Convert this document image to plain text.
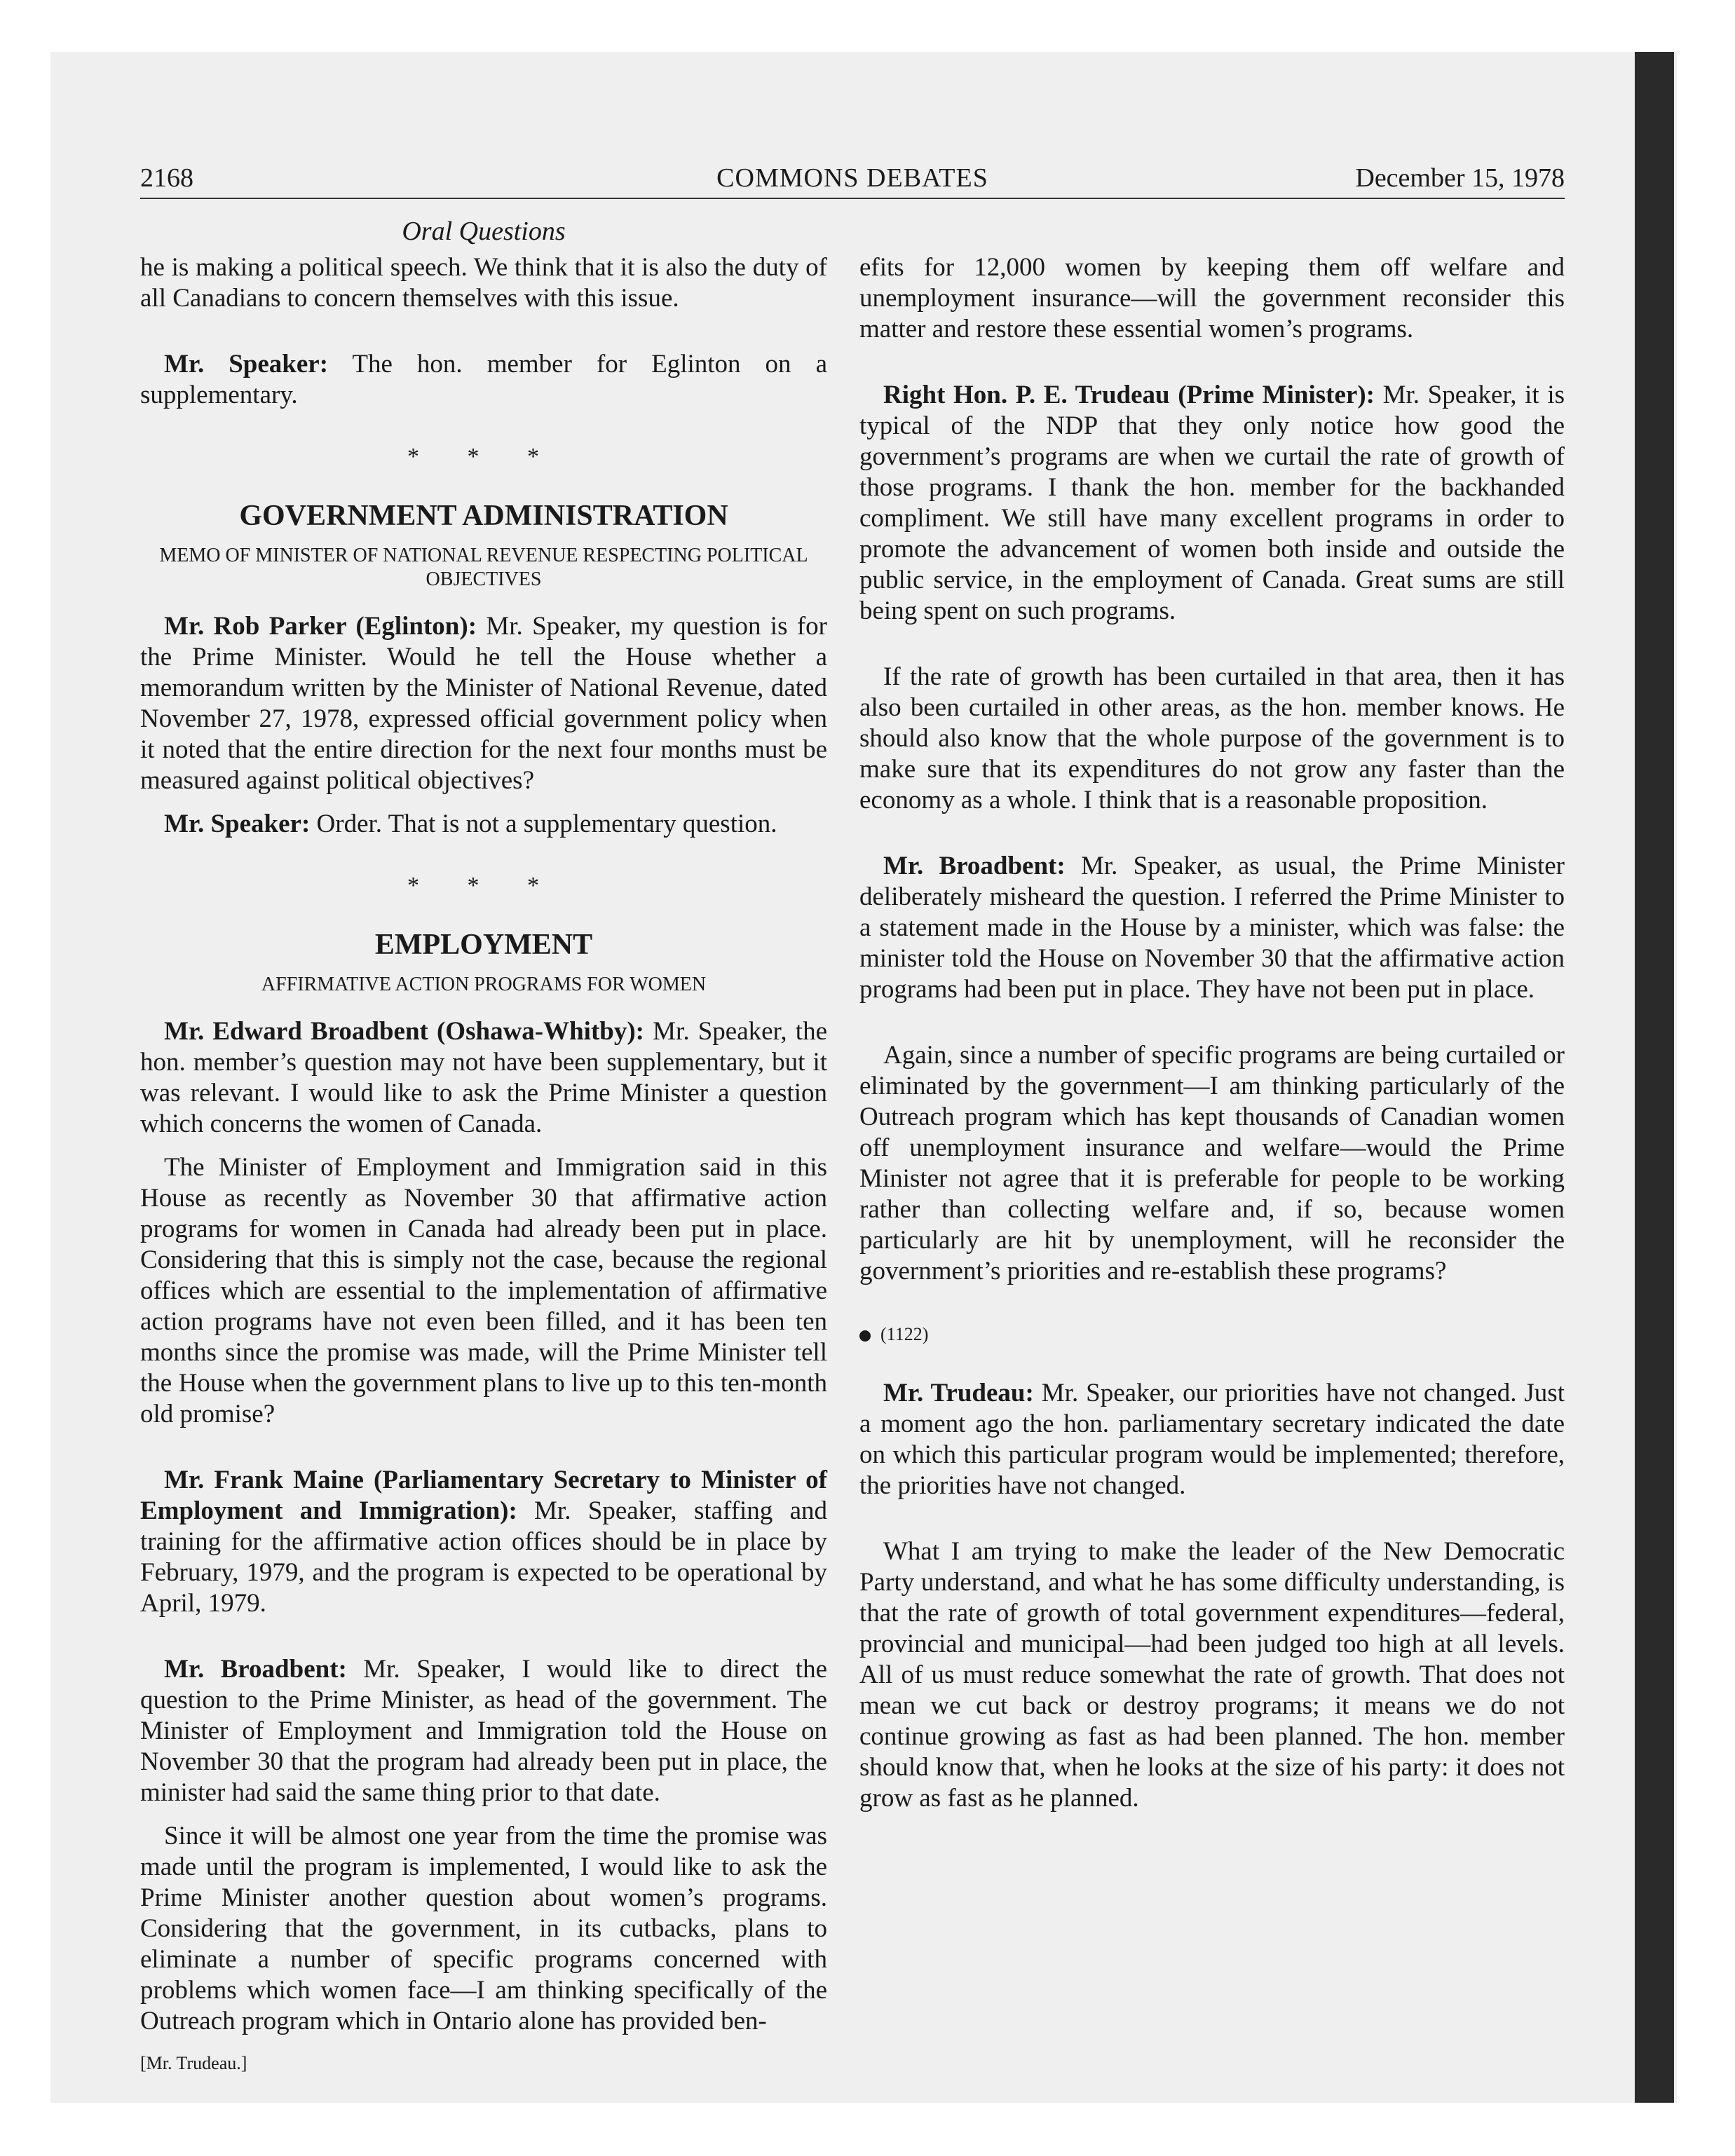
2168	COMMONS DEBATES	December 15, 1978
Oral Questions

he is making a political speech. We think that it is also the duty of all Canadians to concern themselves with this issue.

Mr. Speaker: The hon. member for Eglinton on a supplementary.

* * *
GOVERNMENT ADMINISTRATION
MEMO OF MINISTER OF NATIONAL REVENUE RESPECTING POLITICAL OBJECTIVES

Mr. Rob Parker (Eglinton): Mr. Speaker, my question is for the Prime Minister. Would he tell the House whether a memorandum written by the Minister of National Revenue, dated November 27, 1978, expressed official government policy when it noted that the entire direction for the next four months must be measured against political objectives?

Mr. Speaker: Order. That is not a supplementary question.

* * *
EMPLOYMENT
AFFIRMATIVE ACTION PROGRAMS FOR WOMEN

Mr. Edward Broadbent (Oshawa-Whitby): Mr. Speaker, the hon. member’s question may not have been supplementary, but it was relevant. I would like to ask the Prime Minister a question which concerns the women of Canada.

The Minister of Employment and Immigration said in this House as recently as November 30 that affirmative action programs for women in Canada had already been put in place. Considering that this is simply not the case, because the regional offices which are essential to the implementation of affirmative action programs have not even been filled, and it has been ten months since the promise was made, will the Prime Minister tell the House when the government plans to live up to this ten-month old promise?

Mr. Frank Maine (Parliamentary Secretary to Minister of Employment and Immigration): Mr. Speaker, staffing and training for the affirmative action offices should be in place by February, 1979, and the program is expected to be operational by April, 1979.

Mr. Broadbent: Mr. Speaker, I would like to direct the question to the Prime Minister, as head of the government. The Minister of Employment and Immigration told the House on November 30 that the program had already been put in place, the minister had said the same thing prior to that date.

Since it will be almost one year from the time the promise was made until the program is implemented, I would like to ask the Prime Minister another question about women’s programs. Considering that the government, in its cutbacks, plans to eliminate a number of specific programs concerned with problems which women face—I am thinking specifically of the Outreach program which in Ontario alone has provided ben-

[Mr. Trudeau.]

efits for 12,000 women by keeping them off welfare and unemployment insurance—will the government reconsider this matter and restore these essential women’s programs.

Right Hon. P. E. Trudeau (Prime Minister): Mr. Speaker, it is typical of the NDP that they only notice how good the government’s programs are when we curtail the rate of growth of those programs. I thank the hon. member for the backhanded compliment. We still have many excellent programs in order to promote the advancement of women both inside and outside the public service, in the employment of Canada. Great sums are still being spent on such programs.

If the rate of growth has been curtailed in that area, then it has also been curtailed in other areas, as the hon. member knows. He should also know that the whole purpose of the government is to make sure that its expenditures do not grow any faster than the economy as a whole. I think that is a reasonable proposition.

Mr. Broadbent: Mr. Speaker, as usual, the Prime Minister deliberately misheard the question. I referred the Prime Minister to a statement made in the House by a minister, which was false: the minister told the House on November 30 that the affirmative action programs had been put in place. They have not been put in place.

Again, since a number of specific programs are being curtailed or eliminated by the government—I am thinking particularly of the Outreach program which has kept thousands of Canadian women off unemployment insurance and welfare—would the Prime Minister not agree that it is preferable for people to be working rather than collecting welfare and, if so, because women particularly are hit by unemployment, will he reconsider the government’s priorities and re-establish these programs?

(1122)

Mr. Trudeau: Mr. Speaker, our priorities have not changed. Just a moment ago the hon. parliamentary secretary indicated the date on which this particular program would be implemented; therefore, the priorities have not changed.

What I am trying to make the leader of the New Democratic Party understand, and what he has some difficulty understanding, is that the rate of growth of total government expenditures—federal, provincial and municipal—had been judged too high at all levels. All of us must reduce somewhat the rate of growth. That does not mean we cut back or destroy programs; it means we do not continue growing as fast as had been planned. The hon. member should know that, when he looks at the size of his party: it does not grow as fast as he planned.
